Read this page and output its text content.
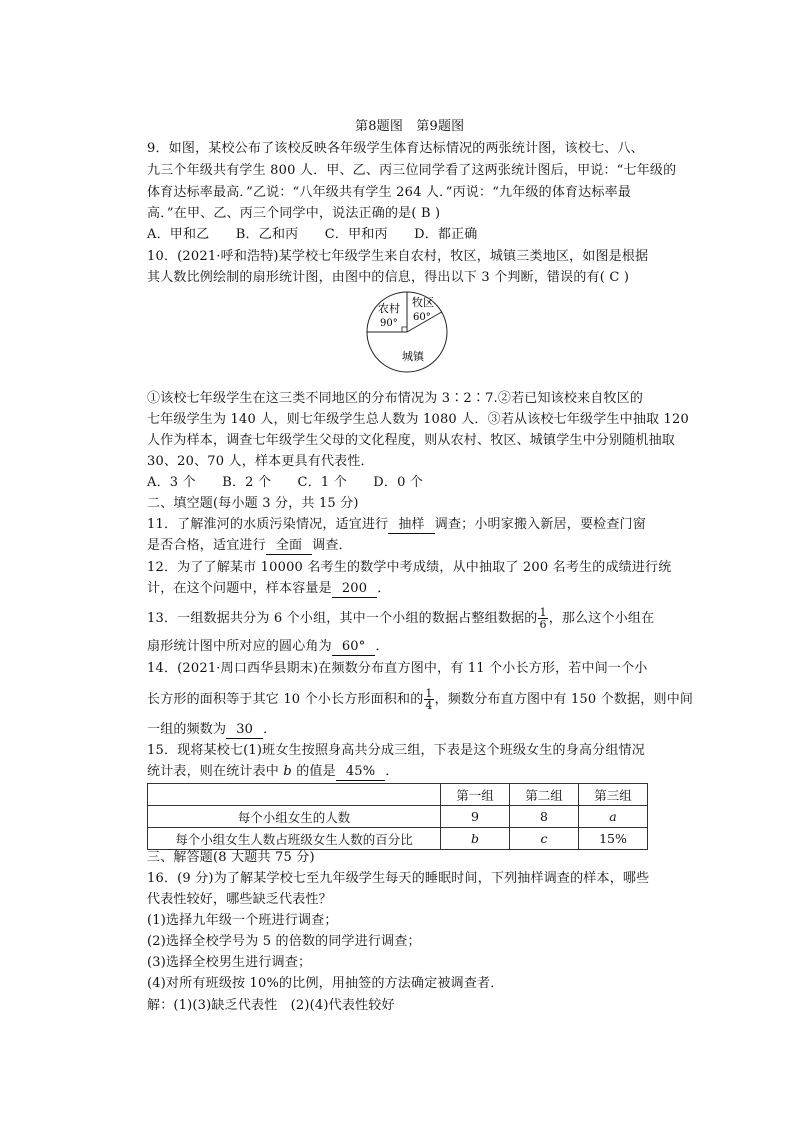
第8题图　第9题图
9．如图，某校公布了该校反映各年级学生体育达标情况的两张统计图，该校七、八、
九三个年级共有学生 800 人．甲、乙、丙三位同学看了这两张统计图后，甲说：“七年级的
体育达标率最高．”乙说：“八年级共有学生 264 人．”丙说：“九年级的体育达标率最
高．”在甲、乙、丙三个同学中，说法正确的是( B )
A．甲和乙　　B．乙和丙　　C．甲和丙　　D．都正确
10．(2021·呼和浩特)某学校七年级学生来自农村，牧区，城镇三类地区，如图是根据
其人数比例绘制的扇形统计图，由图中的信息，得出以下 3 个判断，错误的有( C )
农村
90°
牧区
60°
城镇
①该校七年级学生在这三类不同地区的分布情况为 3∶2∶7.②若已知该校来自牧区的
七年级学生为 140 人，则七年级学生总人数为 1080 人．③若从该校七年级学生中抽取 120
人作为样本，调查七年级学生父母的文化程度，则从农村、牧区、城镇学生中分别随机抽取
30、20、70 人，样本更具有代表性．
A．3 个　　B．2 个　　C．1 个　　D．0 个
二、填空题(每小题 3 分，共 15 分)
11．了解淮河的水质污染情况，适宜进行 抽样 调查；小明家搬入新居，要检查门窗
是否合格，适宜进行 全面 调查．
12．为了了解某市 10000 名考生的数学中考成绩，从中抽取了 200 名考生的成绩进行统
计，在这个问题中，样本容量是 200 ．
13．一组数据共分为 6 个小组，其中一个小组的数据占整组数据的 $\frac{1}{6}$ ，那么这个小组在
扇形统计图中所对应的圆心角为 60° ．
14．(2021·周口西华县期末)在频数分布直方图中，有 11 个小长方形，若中间一个小
长方形的面积等于其它 10 个小长方形面积和的 $\frac{1}{4}$ ，频数分布直方图中有 150 个数据，则中间
一组的频数为 30 ．
15．现将某校七(1)班女生按照身高共分成三组，下表是这个班级女生的身高分组情况
统计表，则在统计表中 b 的值是 45% ．
	第一组	第二组	第三组
每个小组女生的人数	9	8	a
每个小组女生人数占班级女生人数的百分比	b	c	15%
三、解答题(8 大题共 75 分)
16．(9 分)为了解某学校七至九年级学生每天的睡眠时间，下列抽样调查的样本，哪些
代表性较好，哪些缺乏代表性？
(1)选择九年级一个班进行调查；
(2)选择全校学号为 5 的倍数的同学进行调查；
(3)选择全校男生进行调查；
(4)对所有班级按 10%的比例，用抽签的方法确定被调查者．
解：(1)(3)缺乏代表性　(2)(4)代表性较好
